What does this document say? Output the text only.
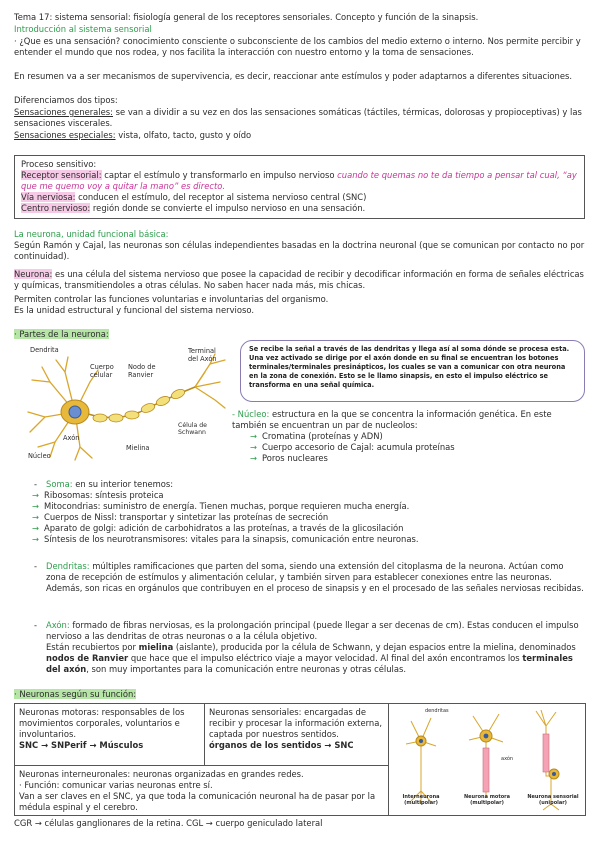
Tema 17: sistema sensorial: fisiología general de los receptores sensoriales. Concepto y función de la sinapsis.

Introducción al sistema sensorial

· ¿Que es una sensación? conocimiento consciente o subconsciente de los cambios del medio externo o interno. Nos permite percibir y entender el mundo que nos rodea, y nos facilita la interacción con nuestro entorno y la toma de sensaciones.

En resumen va a ser mecanismos de supervivencia, es decir, reaccionar ante estímulos y poder adaptarnos a diferentes situaciones.

Diferenciamos dos tipos:

Sensaciones generales: se van a dividir a su vez en dos las sensaciones somáticas (táctiles, térmicas, dolorosas y propioceptivas) y las sensaciones viscerales.

Sensaciones especiales: vista, olfato, tacto, gusto y oído

Proceso sensitivo:

Receptor sensorial: captar el estímulo y transformarlo en impulso nervioso cuando te quemas no te da tiempo a pensar tal cual, “ay que me quemo voy a quitar la mano” es directo.

Vía nerviosa: conducen el estímulo, del receptor al sistema nervioso central (SNC)

Centro nervioso: región donde se convierte el impulso nervioso en una sensación.

La neurona, unidad funcional básica:

Según Ramón y Cajal, las neuronas son células independientes basadas en la doctrina neuronal (que se comunican por contacto no por continuidad).

Neurona: es una célula del sistema nervioso que posee la capacidad de recibir y decodificar información en forma de señales eléctricas y químicas, transmitiendoles a otras células. No saben hacer nada más, mis chicas.

Permiten controlar las funciones voluntarias e involuntarias del organismo.

Es la unidad estructural y funcional del sistema nervioso.

· Partes de la neurona:

Dendrita
Cuerpo celular
Nodo de Ranvier
Terminal del Axón
Axón
Núcleo
Mielina
Célula de Schwann

Se recibe la señal a través de las dendritas y llega así al soma dónde se procesa esta. Una vez activado se dirige por el axón donde en su final se encuentran los botones terminales/terminales presinápticos, los cuales se van a comunicar con otra neurona en la zona de conexión. Esto se le llamo sinapsis, en esto el impulso eléctrico se transforma en una señal química.

- Núcleo: estructura en la que se concentra la información genética. En este también se encuentran un par de nucleolos:

→ Cromatina (proteínas y ADN)
→ Cuerpo accesorio de Cajal: acumula proteínas
→ Poros nucleares

- Soma: en su interior tenemos:

→ Ribosomas: síntesis proteica
→ Mitocondrias: suministro de energía. Tienen muchas, porque requieren mucha energía.
→ Cuerpos de Nissl: transportar y sintetizar las proteínas de secreción
→ Aparato de golgi: adición de carbohidratos a las proteínas, a través de la glicosilación
→ Síntesis de los neurotransmisores: vitales para la sinapsis, comunicación entre neuronas.

- Dendritas: múltiples ramificaciones que parten del soma, siendo una extensión del citoplasma de la neurona. Actúan como zona de recepción de estímulos y alimentación celular, y también sirven para establecer conexiones entre las neuronas. Además, son ricas en orgánulos que contribuyen en el proceso de sinapsis y en el procesado de las señales nerviosas recibidas.

- Axón: formado de fibras nerviosas, es la prolongación principal (puede llegar a ser decenas de cm). Estas conducen el impulso nervioso a las dendritas de otras neuronas o a la célula objetivo.

Están recubiertos por mielina (aislante), producida por la célula de Schwann, y dejan espacios entre la mielina, denominados nodos de Ranvier que hace que el impulso eléctrico viaje a mayor velocidad. Al final del axón encontramos los terminales del axón, son muy importantes para la comunicación entre neuronas y otras células.

· Neuronas según su función:

Neuronas motoras: responsables de los movimientos corporales, voluntarios e involuntarios.

SNC → SNPerif → Músculos

Neuronas sensoriales: encargadas de recibir y procesar la información externa, captada por nuestros sentidos.

órganos de los sentidos → SNC

Neuronas interneuronales: neuronas organizadas en grandes redes.

· Función: comunicar varias neuronas entre sí.

Van a ser claves en el SNC, ya que toda la comunicación neuronal ha de pasar por la médula espinal y el cerebro.

dendritas
axón
Interneurona (multipolar)
Neurona motora (multipolar)
Neurona sensorial (unipolar)

CGR → células ganglionares de la retina. CGL → cuerpo geniculado lateral
